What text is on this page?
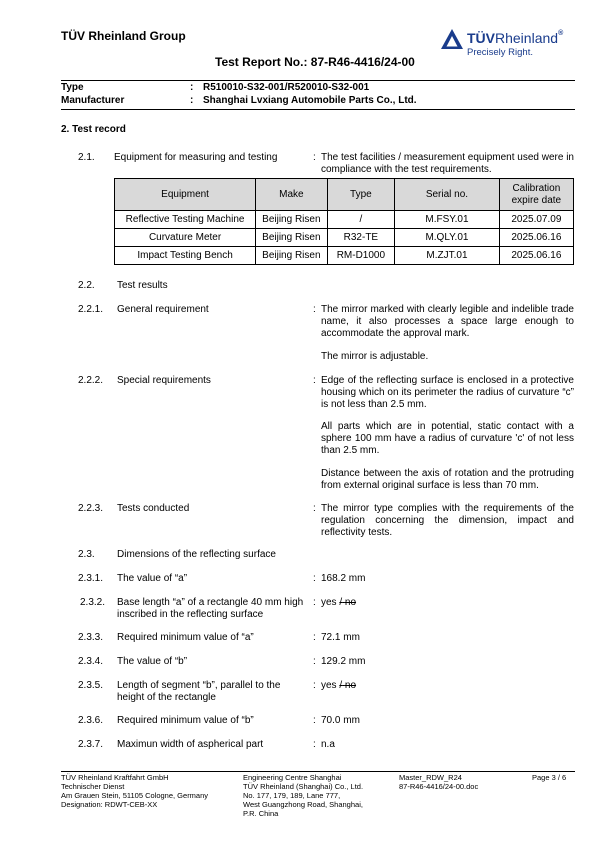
TÜV Rheinland Group	TÜVRheinland®
Precisely Right.
Test Report No.: 87-R46-4416/24-00
Type	: R510010-S32-001/R520010-S32-001
Manufacturer	: Shanghai Lvxiang Automobile Parts Co., Ltd.
2. Test record
2.1. Equipment for measuring and testing	: The test facilities / measurement equipment used were in compliance with the test requirements.
Equipment	Make	Type	Serial no.	Calibration expire date
Reflective Testing Machine	Beijing Risen	/	M.FSY.01	2025.07.09
Curvature Meter	Beijing Risen	R32-TE	M.QLY.01	2025.06.16
Impact Testing Bench	Beijing Risen	RM-D1000	M.ZJT.01	2025.06.16
2.2. Test results
2.2.1. General requirement	: The mirror marked with clearly legible and indelible trade name, it also processes a space large enough to accommodate the approval mark.
The mirror is adjustable.
2.2.2. Special requirements	: Edge of the reflecting surface is enclosed in a protective housing which on its perimeter the radius of curvature “c” is not less than 2.5 mm.
All parts which are in potential, static contact with a sphere 100 mm have a radius of curvature 'c' of not less than 2.5 mm.
Distance between the axis of rotation and the protruding from external original surface is less than 70 mm.
2.2.3. Tests conducted	: The mirror type complies with the requirements of the regulation concerning the dimension, impact and reflectivity tests.
2.3. Dimensions of the reflecting surface
2.3.1. The value of “a”	: 168.2 mm
2.3.2. Base length “a” of a rectangle 40 mm high inscribed in the reflecting surface
: yes / no
2.3.3. Required minimum value of “a”	: 72.1 mm
2.3.4. The value of “b”	: 129.2 mm
2.3.5. Length of segment “b”, parallel to the height of the rectangle
: yes / no
2.3.6. Required minimum value of “b”	: 70.0 mm
2.3.7. Maximun width of aspherical part	: n.a
TÜV Rheinland Kraftfahrt GmbH
Technischer Dienst
Am Grauen Stein, 51105 Cologne, Germany
Designation: RDWT-CEB-XX
Engineering Centre Shanghai
TÜV Rheinland (Shanghai) Co., Ltd.
No. 177, 179, 189, Lane 777,
West Guangzhong Road, Shanghai,
P.R. China
Master_RDW_R24
87-R46-4416/24-00.doc
Page 3 / 6
